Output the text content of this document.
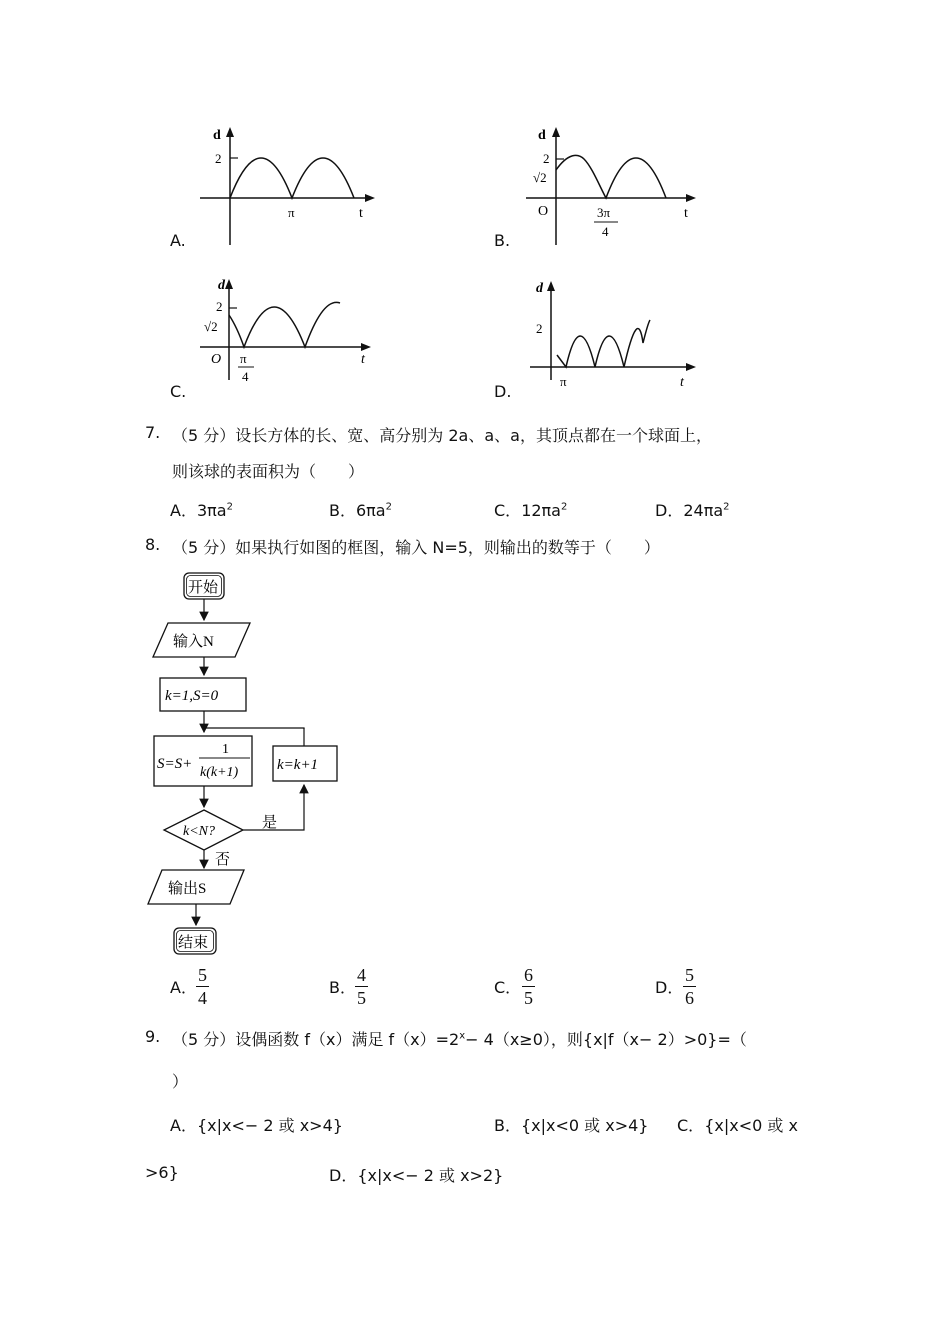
A.
d
2
π	t
B.
d
2
√2
O	3π
4
t
C.
d
2
√2
O π
4
t
D.
d
2
π	t
7. （5 分）设长方体的长、宽、高分别为 2a、a、a，其顶点都在一个球面上，
则该球的表面积为（　　）
A．$3\pi a^2$	B．$6\pi a^2$	C．$12\pi a^2$	D．$24\pi a^2$
8. （5 分）如果执行如图的框图，输入 N=5，则输出的数等于（　　）
开始
输入N
k=1,S=0
S=S+
1
k(k+1)	k=k+1
k<N?
是
否
输出S
结束
A． $\frac{5}{4}$	B． $\frac{4}{5}$	C． $\frac{6}{5}$	D． $\frac{5}{6}$
9. （5 分）设偶函数 f（x）满足 $f(x)=2^x- 4(x\ge 0)$，则{x|f（x− 2）>0}=（
）
A．{x|x<− 2 或 x>4}	B．{x|x<0 或 x>4} C．{x|x<0 或 x
>6}	D．{x|x<− 2 或 x>2}
